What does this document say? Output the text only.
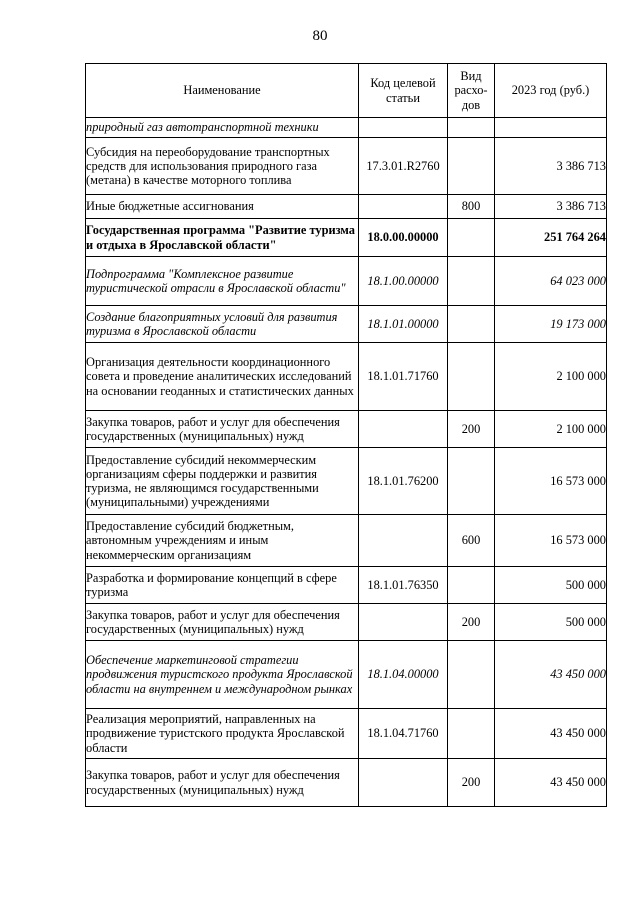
80
Наименование	Код целевой статьи	Вид расхо-дов	2023 год (руб.)
природный газ автотранспортной техники			
Субсидия на переоборудование транспортных средств для использования природного газа (метана) в качестве моторного топлива	17.3.01.R2760		3 386 713
Иные бюджетные ассигнования		800	3 386 713
Государственная программа "Развитие туризма и отдыха в Ярославской области"	18.0.00.00000		251 764 264
Подпрограмма "Комплексное развитие туристической отрасли в Ярославской области"	18.1.00.00000		64 023 000
Создание благоприятных условий для развития туризма в Ярославской области	18.1.01.00000		19 173 000
Организация деятельности координационного совета и проведение аналитических исследований на основании геоданных и статистических данных	18.1.01.71760		2 100 000
Закупка товаров, работ и услуг для обеспечения государственных (муниципальных) нужд		200	2 100 000
Предоставление субсидий некоммерческим организациям сферы поддержки и развития туризма, не являющимся государственными (муниципальными) учреждениями	18.1.01.76200		16 573 000
Предоставление субсидий бюджетным, автономным учреждениям и иным некоммерческим организациям		600	16 573 000
Разработка и формирование концепций в сфере туризма	18.1.01.76350		500 000
Закупка товаров, работ и услуг для обеспечения государственных (муниципальных) нужд		200	500 000
Обеспечение маркетинговой стратегии продвижения туристского продукта Ярославской области на внутреннем и международном рынках	18.1.04.00000		43 450 000
Реализация мероприятий, направленных на продвижение туристского продукта Ярославской области	18.1.04.71760		43 450 000
Закупка товаров, работ и услуг для обеспечения государственных (муниципальных) нужд		200	43 450 000
